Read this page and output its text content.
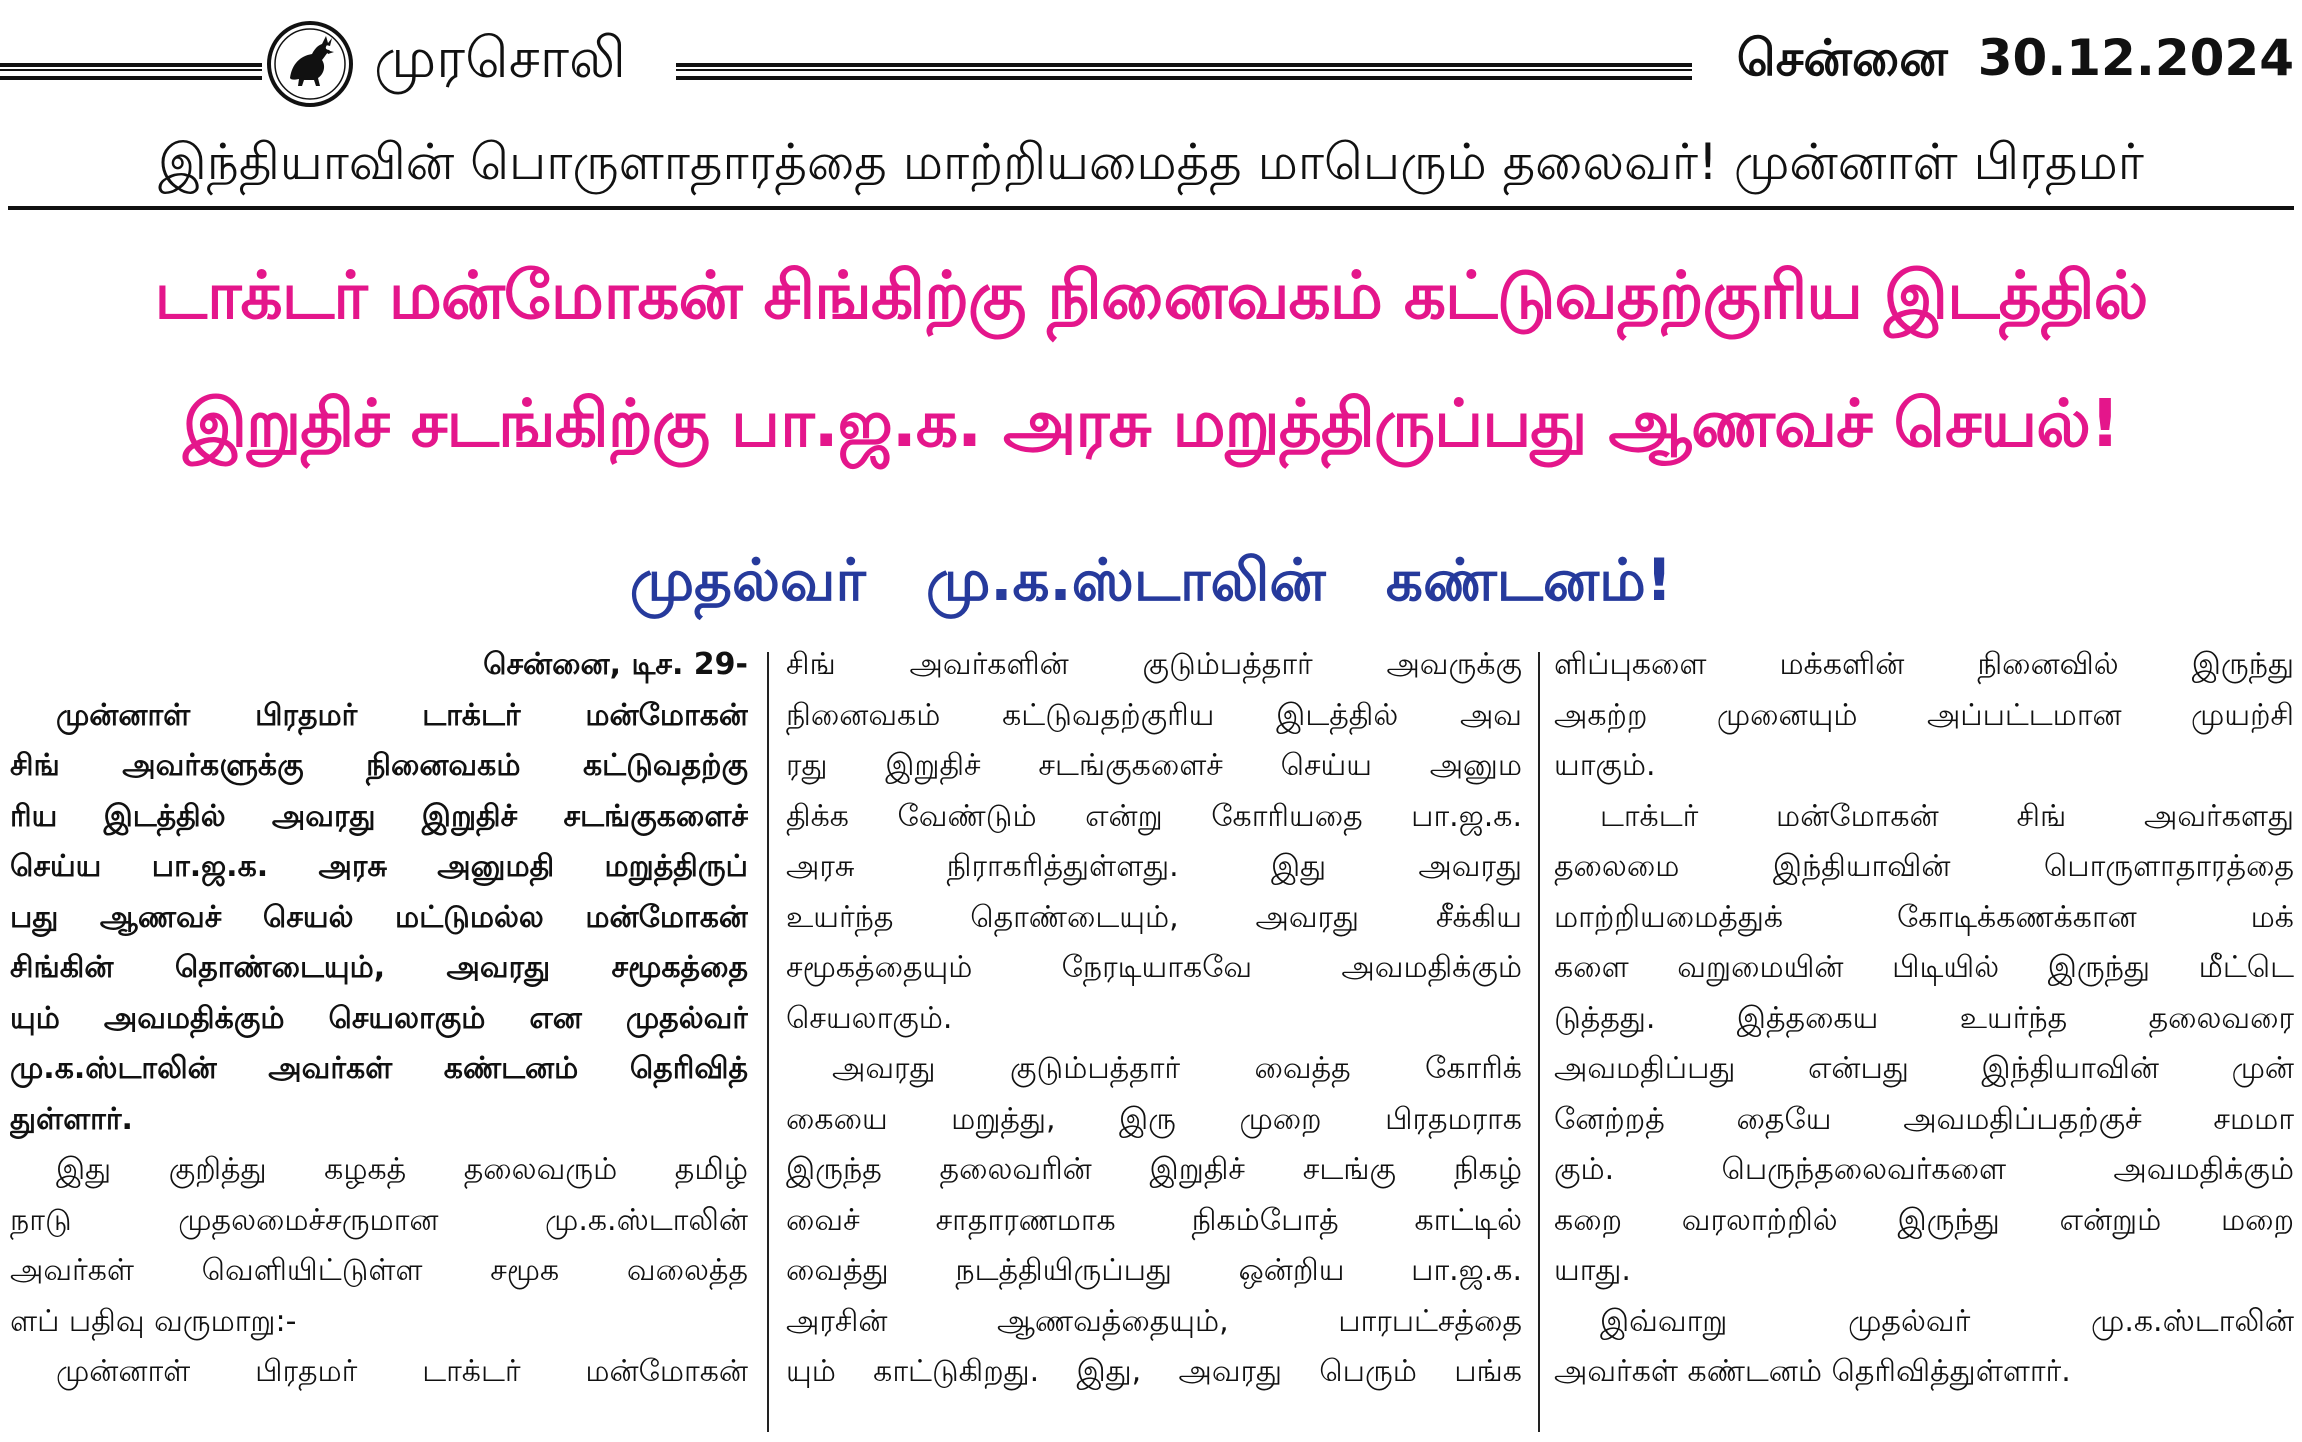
முரசொலி	சென்னை 30.12.2024
இந்தியாவின் பொருளாதாரத்தை மாற்றியமைத்த மாபெரும் தலைவர்! முன்னாள் பிரதமர்
டாக்டர் மன்மோகன் சிங்கிற்கு நினைவகம் கட்டுவதற்குரிய இடத்தில்
இறுதிச் சடங்கிற்கு பா.ஜ.க. அரசு மறுத்திருப்பது ஆணவச் செயல்!
முதல்வர் மு.க.ஸ்டாலின் கண்டனம்!
சென்னை, டிச. 29-

முன்னாள் பிரதமர் டாக்டர் மன்மோகன்
சிங் அவர்களுக்கு நினைவகம் கட்டுவதற்கு
ரிய இடத்தில் அவரது இறுதிச் சடங்குகளைச்
செய்ய பா.ஜ.க. அரசு அனுமதி மறுத்திருப்
பது ஆணவச் செயல் மட்டுமல்ல மன்மோகன்
சிங்கின் தொண்டையும், அவரது சமூகத்தை
யும் அவமதிக்கும் செயலாகும் என முதல்வர்
மு.க.ஸ்டாலின் அவர்கள் கண்டனம் தெரிவித்
துள்ளார்.

இது குறித்து கழகத் தலைவரும் தமிழ்
நாடு முதலமைச்சருமான மு.க.ஸ்டாலின்
அவர்கள் வெளியிட்டுள்ள சமூக வலைத்த
ளப் பதிவு வருமாறு:-

முன்னாள் பிரதமர் டாக்டர் மன்மோகன்

சிங் அவர்களின் குடும்பத்தார் அவருக்கு
நினைவகம் கட்டுவதற்குரிய இடத்தில் அவ
ரது இறுதிச் சடங்குகளைச் செய்ய அனும
திக்க வேண்டும் என்று கோரியதை பா.ஜ.க.
அரசு நிராகரித்துள்ளது. இது அவரது
உயர்ந்த தொண்டையும், அவரது சீக்கிய
சமூகத்தையும் நேரடியாகவே அவமதிக்கும்
செயலாகும்.

அவரது குடும்பத்தார் வைத்த கோரிக்
கையை மறுத்து, இரு முறை பிரதமராக
இருந்த தலைவரின் இறுதிச் சடங்கு நிகழ்
வைச் சாதாரணமாக நிகம்போத் காட்டில்
வைத்து நடத்தியிருப்பது ஒன்றிய பா.ஜ.க.
அரசின் ஆணவத்தையும், பாரபட்சத்தை
யும் காட்டுகிறது. இது, அவரது பெரும் பங்க

ளிப்புகளை மக்களின் நினைவில் இருந்து
அகற்ற முனையும் அப்பட்டமான முயற்சி
யாகும்.

டாக்டர் மன்மோகன் சிங் அவர்களது
தலைமை இந்தியாவின் பொருளாதாரத்தை
மாற்றியமைத்துக் கோடிக்கணக்கான மக்
களை வறுமையின் பிடியில் இருந்து மீட்டெ
டுத்தது. இத்தகைய உயர்ந்த தலைவரை
அவமதிப்பது என்பது இந்தியாவின் முன்
னேற்றத் தையே அவமதிப்பதற்குச் சமமா
கும். பெருந்தலைவர்களை அவமதிக்கும்
கறை வரலாற்றில் இருந்து என்றும் மறை
யாது.

இவ்வாறு முதல்வர் மு.க.ஸ்டாலின்
அவர்கள் கண்டனம் தெரிவித்துள்ளார்.
